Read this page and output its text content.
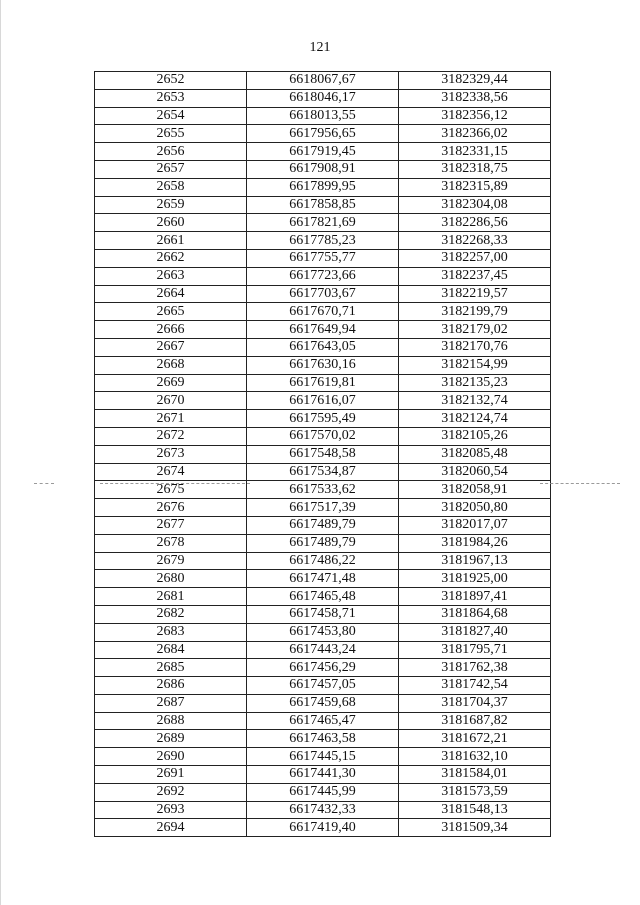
121
2652	6618067,67	3182329,44
2653	6618046,17	3182338,56
2654	6618013,55	3182356,12
2655	6617956,65	3182366,02
2656	6617919,45	3182331,15
2657	6617908,91	3182318,75
2658	6617899,95	3182315,89
2659	6617858,85	3182304,08
2660	6617821,69	3182286,56
2661	6617785,23	3182268,33
2662	6617755,77	3182257,00
2663	6617723,66	3182237,45
2664	6617703,67	3182219,57
2665	6617670,71	3182199,79
2666	6617649,94	3182179,02
2667	6617643,05	3182170,76
2668	6617630,16	3182154,99
2669	6617619,81	3182135,23
2670	6617616,07	3182132,74
2671	6617595,49	3182124,74
2672	6617570,02	3182105,26
2673	6617548,58	3182085,48
2674	6617534,87	3182060,54
2675	6617533,62	3182058,91
2676	6617517,39	3182050,80
2677	6617489,79	3182017,07
2678	6617489,79	3181984,26
2679	6617486,22	3181967,13
2680	6617471,48	3181925,00
2681	6617465,48	3181897,41
2682	6617458,71	3181864,68
2683	6617453,80	3181827,40
2684	6617443,24	3181795,71
2685	6617456,29	3181762,38
2686	6617457,05	3181742,54
2687	6617459,68	3181704,37
2688	6617465,47	3181687,82
2689	6617463,58	3181672,21
2690	6617445,15	3181632,10
2691	6617441,30	3181584,01
2692	6617445,99	3181573,59
2693	6617432,33	3181548,13
2694	6617419,40	3181509,34
